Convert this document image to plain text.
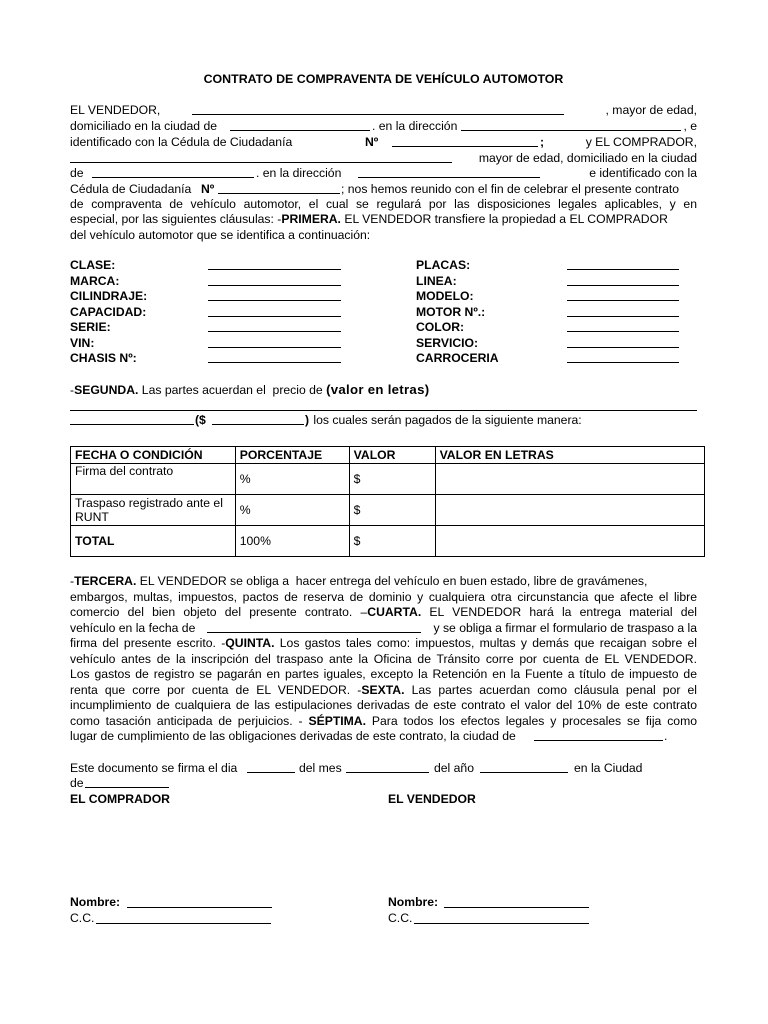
CONTRATO DE COMPRAVENTA DE VEHÍCULO AUTOMOTOR
EL VENDEDOR,	, mayor de edad,
domiciliado en la ciudad de	. en la dirección	, e
identificado con la Cédula de Ciudadanía	Nº	;	y EL COMPRADOR,
mayor de edad, domiciliado en la ciudad
de	. en la dirección	e identificado con la
Cédula de Ciudadanía Nº	; nos hemos reunido con el fin de celebrar el presente contrato
de compraventa de vehículo automotor, el cual se regulará por las disposiciones legales aplicables, y en
especial, por las siguientes cláusulas: -PRIMERA. EL VENDEDOR transfiere la propiedad a EL COMPRADOR
del vehículo automotor que se identifica a continuación:
CLASE:	PLACAS:
MARCA:	LINEA:
CILINDRAJE:	MODELO:
CAPACIDAD:	MOTOR Nº.:
SERIE:	COLOR:
VIN:	SERVICIO:
CHASIS Nº:	CARROCERIA
-SEGUNDA. Las partes acuerdan el  precio de (valor en letras)
($	) los cuales serán pagados de la siguiente manera:
FECHA O CONDICIÓN	PORCENTAJE	VALOR	VALOR EN LETRAS
Firma del contrato	%	$	
Traspaso registrado ante el RUNT	%	$	
TOTAL	100%	$	
-TERCERA. EL VENDEDOR se obliga a  hacer entrega del vehículo en buen estado, libre de gravámenes,
embargos, multas, impuestos, pactos de reserva de dominio y cualquiera otra circunstancia que afecte el libre
comercio del bien objeto del presente contrato. –CUARTA. EL VENDEDOR hará la entrega material del
vehículo en la fecha de	y se obliga a firmar el formulario de traspaso a la
firma del presente escrito. -QUINTA. Los gastos tales como: impuestos, multas y demás que recaigan sobre el
vehículo antes de la inscripción del traspaso ante la Oficina de Tránsito corre por cuenta de EL VENDEDOR.
Los gastos de registro se pagarán en partes iguales, excepto la Retención en la Fuente a título de impuesto de
renta que corre por cuenta de EL VENDEDOR. -SEXTA. Las partes acuerdan como cláusula penal por el
incumplimiento de cualquiera de las estipulaciones derivadas de este contrato el valor del 10% de este contrato
como tasación anticipada de perjuicios. - SÉPTIMA. Para todos los efectos legales y procesales se fija como
lugar de cumplimiento de las obligaciones derivadas de este contrato, la ciudad de	.
Este documento se firma el dia	del mes	del año	en la Ciudad
de
EL COMPRADOR	EL VENDEDOR
Nombre:
C.C.
Nombre:
C.C.
